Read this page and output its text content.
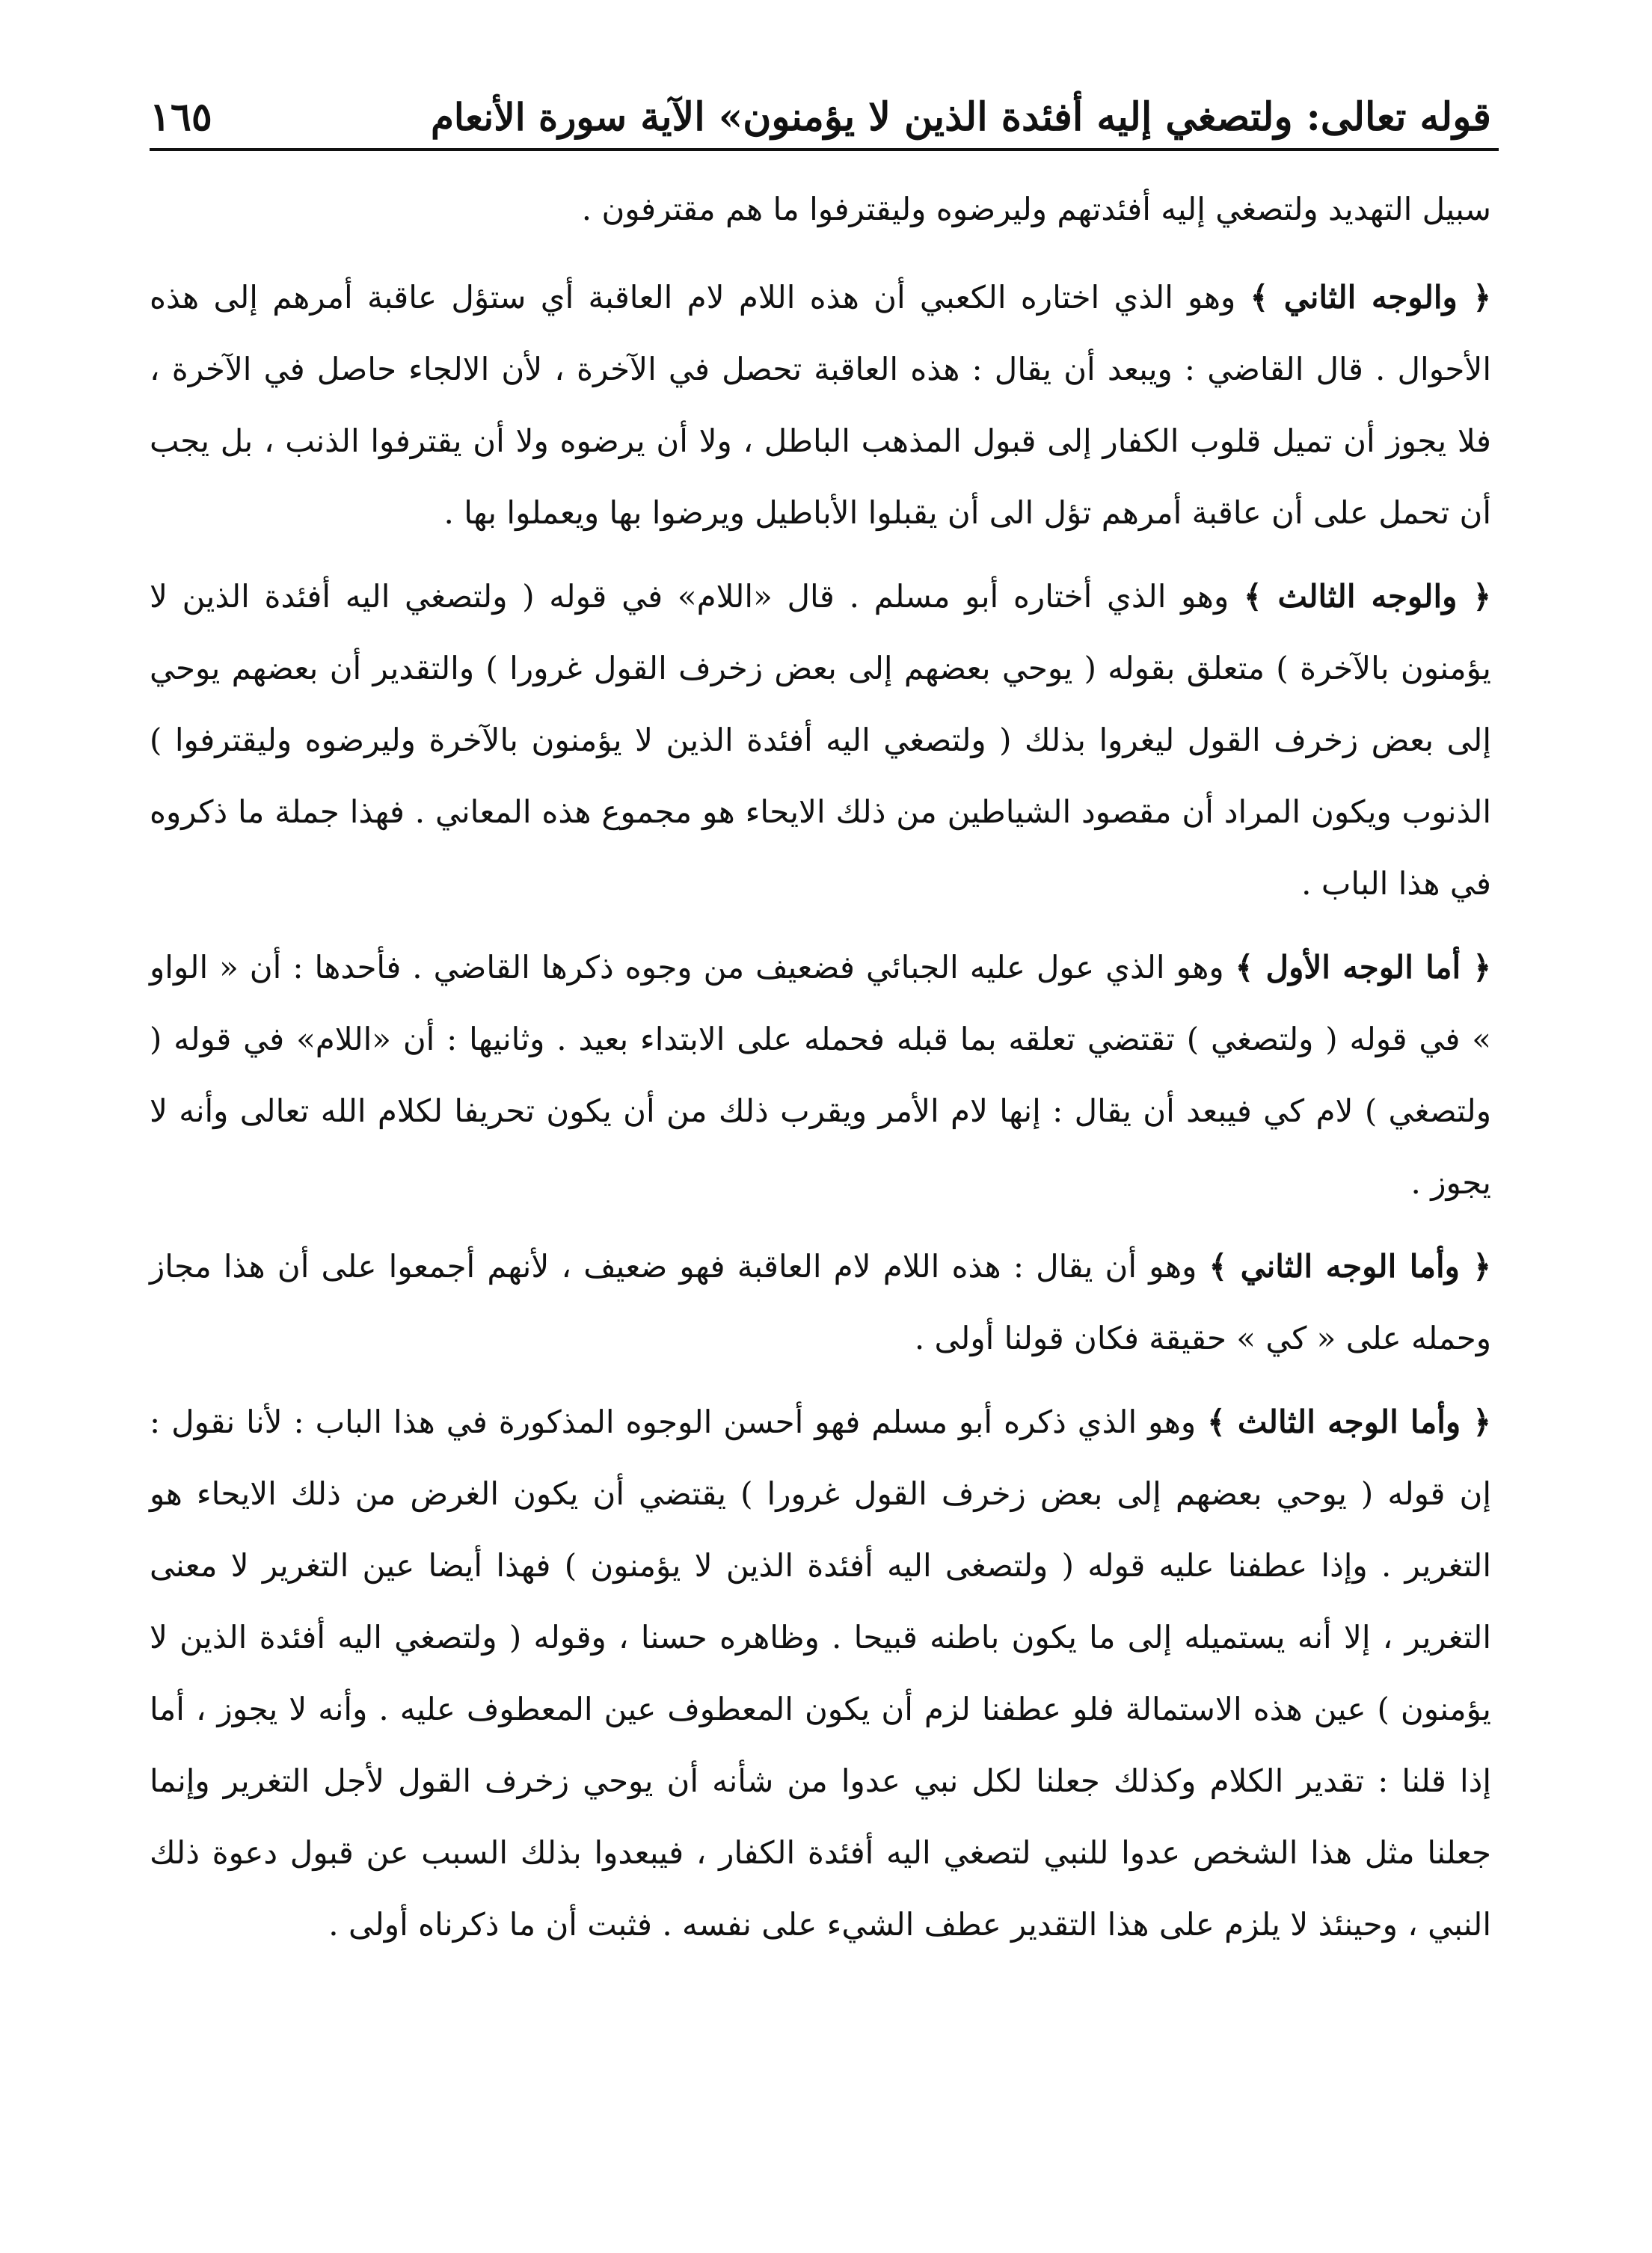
قوله تعالى: ولتصغي إليه أفئدة الذين لا يؤمنون» الآية سورة الأنعام
١٦٥

سبيل التهديد ولتصغي إليه أفئدتهم وليرضوه وليقترفوا ما هم مقترفون .

﴿ والوجه الثاني ﴾ وهو الذي اختاره الكعبي أن هذه اللام لام العاقبة أي ستؤل عاقبة أمرهم إلى هذه الأحوال . قال القاضي : ويبعد أن يقال : هذه العاقبة تحصل في الآخرة ، لأن الالجاء حاصل في الآخرة ، فلا يجوز أن تميل قلوب الكفار إلى قبول المذهب الباطل ، ولا أن يرضوه ولا أن يقترفوا الذنب ، بل يجب أن تحمل على أن عاقبة أمرهم تؤل الى أن يقبلوا الأباطيل ويرضوا بها ويعملوا بها .

﴿ والوجه الثالث ﴾ وهو الذي أختاره أبو مسلم . قال «اللام» في قوله ( ولتصغي اليه أفئدة الذين لا يؤمنون بالآخرة ) متعلق بقوله ( يوحي بعضهم إلى بعض زخرف القول غرورا ) والتقدير أن بعضهم يوحي إلى بعض زخرف القول ليغروا بذلك ( ولتصغي اليه أفئدة الذين لا يؤمنون بالآخرة وليرضوه وليقترفوا ) الذنوب ويكون المراد أن مقصود الشياطين من ذلك الايحاء هو مجموع هذه المعاني . فهذا جملة ما ذكروه في هذا الباب .

﴿ أما الوجه الأول ﴾ وهو الذي عول عليه الجبائي فضعيف من وجوه ذكرها القاضي . فأحدها : أن « الواو » في قوله ( ولتصغي ) تقتضي تعلقه بما قبله فحمله على الابتداء بعيد . وثانيها : أن «اللام» في قوله ( ولتصغي ) لام كي فيبعد أن يقال : إنها لام الأمر ويقرب ذلك من أن يكون تحريفا لكلام الله تعالى وأنه لا يجوز .

﴿ وأما الوجه الثاني ﴾ وهو أن يقال : هذه اللام لام العاقبة فهو ضعيف ، لأنهم أجمعوا على أن هذا مجاز وحمله على « كي » حقيقة فكان قولنا أولى .

﴿ وأما الوجه الثالث ﴾ وهو الذي ذكره أبو مسلم فهو أحسن الوجوه المذكورة في هذا الباب : لأنا نقول : إن قوله ( يوحي بعضهم إلى بعض زخرف القول غرورا ) يقتضي أن يكون الغرض من ذلك الايحاء هو التغرير . وإذا عطفنا عليه قوله ( ولتصغى اليه أفئدة الذين لا يؤمنون ) فهذا أيضا عين التغرير لا معنى التغرير ، إلا أنه يستميله إلى ما يكون باطنه قبيحا . وظاهره حسنا ، وقوله ( ولتصغي اليه أفئدة الذين لا يؤمنون ) عين هذه الاستمالة فلو عطفنا لزم أن يكون المعطوف عين المعطوف عليه . وأنه لا يجوز ، أما إذا قلنا : تقدير الكلام وكذلك جعلنا لكل نبي عدوا من شأنه أن يوحي زخرف القول لأجل التغرير وإنما جعلنا مثل هذا الشخص عدوا للنبي لتصغي اليه أفئدة الكفار ، فيبعدوا بذلك السبب عن قبول دعوة ذلك النبي ، وحينئذ لا يلزم على هذا التقدير عطف الشيء على نفسه . فثبت أن ما ذكرناه أولى .
